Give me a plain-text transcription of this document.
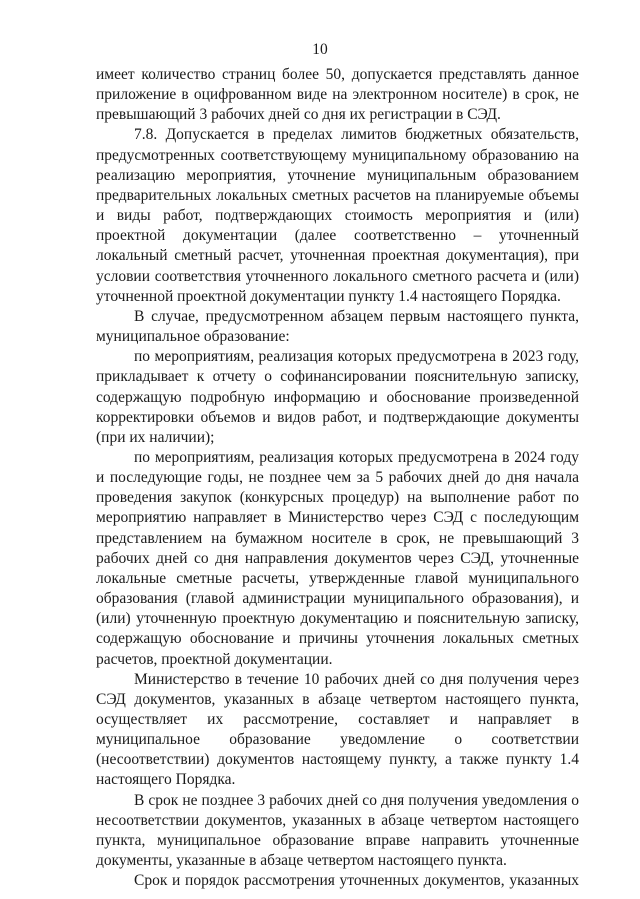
10

имеет количество страниц более 50, допускается представлять данное приложение в оцифрованном виде на электронном носителе) в срок, не превышающий 3 рабочих дней со дня их регистрации в СЭД.

7.8. Допускается в пределах лимитов бюджетных обязательств, предусмотренных соответствующему муниципальному образованию на реализацию мероприятия, уточнение муниципальным образованием предварительных локальных сметных расчетов на планируемые объемы и виды работ, подтверждающих стоимость мероприятия и (или) проектной документации (далее соответственно – уточненный локальный сметный расчет, уточненная проектная документация), при условии соответствия уточненного локального сметного расчета и (или) уточненной проектной документации пункту 1.4 настоящего Порядка.

В случае, предусмотренном абзацем первым настоящего пункта, муниципальное образование:

по мероприятиям, реализация которых предусмотрена в 2023 году, прикладывает к отчету о софинансировании пояснительную записку, содержащую подробную информацию и обоснование произведенной корректировки объемов и видов работ, и подтверждающие документы (при их наличии);

по мероприятиям, реализация которых предусмотрена в 2024 году и последующие годы, не позднее чем за 5 рабочих дней до дня начала проведения закупок (конкурсных процедур) на выполнение работ по мероприятию направляет в Министерство через СЭД с последующим представлением на бумажном носителе в срок, не превышающий 3 рабочих дней со дня направления документов через СЭД, уточненные локальные сметные расчеты, утвержденные главой муниципального образования (главой администрации муниципального образования), и (или) уточненную проектную документацию и пояснительную записку, содержащую обоснование и причины уточнения локальных сметных расчетов, проектной документации.

Министерство в течение 10 рабочих дней со дня получения через СЭД документов, указанных в абзаце четвертом настоящего пункта, осуществляет их рассмотрение, составляет и направляет в муниципальное образование уведомление о соответствии (несоответствии) документов настоящему пункту, а также пункту 1.4 настоящего Порядка.

В срок не позднее 3 рабочих дней со дня получения уведомления о несоответствии документов, указанных в абзаце четвертом настоящего пункта, муниципальное образование вправе направить уточненные документы, указанные в абзаце четвертом настоящего пункта.

Срок и порядок рассмотрения уточненных документов, указанных
